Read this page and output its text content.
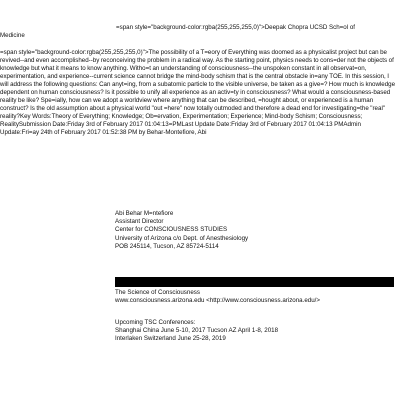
=span style="background-color:rgba(255,255,255,0)">Deepak Chopra UCSD Sch=ol of
Medicine
=span style="background-color:rgba(255,255,255,0)">The possibility of a T=eory of Everything was doomed as a physicalist project but can be revived--and even accomplished--by reconceiving the problem in a radical way. As the starting point, physics needs to cons=der not the objects of knowledge but what it means to know anything. Witho=t an understanding of consciousness--the unspoken constant in all observat=on, experimentation, and experience--current science cannot bridge the mind-body schism that is the central obstacle in=any TOE. In this session, I will address the following questions: Can anyt=ing, from a subatomic particle to the visible universe, be taken as a give=? How much is knowledge dependent on human consciousness? Is it possible to unify all experience as an activ=ty in consciousness? What would a consciousness-based reality be like? Spe=ially, how can we adopt a worldview where anything that can be described, =hought about, or experienced is a human construct? Is the old assumption about a physical world "out =here" now totally outmoded and therefore a dead end for investigating=the "real" reality?Key Words:Theory of Everything; Knowledge; Ob=ervation, Experimentation; Experience; Mind-body Schism; Consciousness; RealitySubmission Date:Friday 3rd of February 2017 01:04:13=PMLast Update Date:Friday 3rd of February 2017 01:04:13 PMAdmin Update:Fri=ay 24th of February 2017 01:52:38 PM by Behar-Montefiore, Abi
Abi Behar M=ntefiore
Assistant Director
Center for CONSCIOUSNESS STUDIES
University of Arizona c/o Dept. of Anesthesiology
POB 245114, Tucson, AZ 85724-5114
The Science of Consciousness
www.consciousness.arizona.edu <http://www.consciousness.arizona.edu/>
Upcoming TSC Conferences:
Shanghai China June 5-10, 2017 Tucson AZ April 1-8, 2018
Interlaken Switzerland June 25-28, 2019
